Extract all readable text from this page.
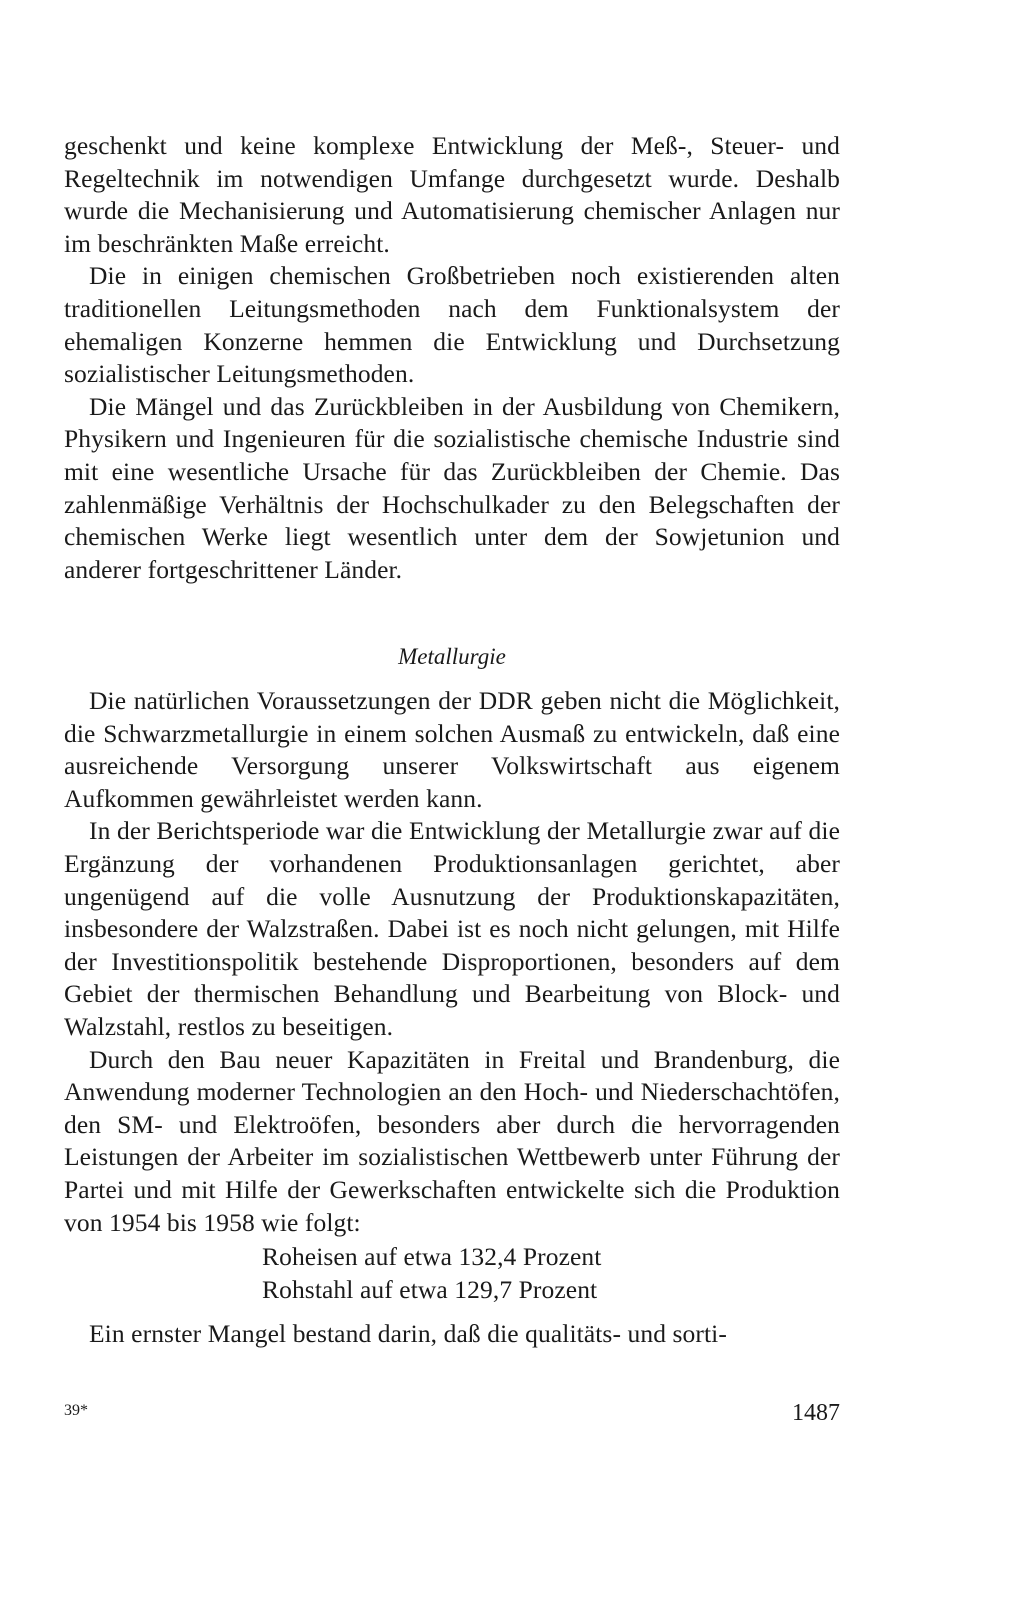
geschenkt und keine komplexe Entwicklung der Meß-, Steuer- und Regeltechnik im notwendigen Umfange durchgesetzt wurde. Deshalb wurde die Mechanisierung und Automatisierung chemischer Anlagen nur im beschränkten Maße erreicht.

Die in einigen chemischen Großbetrieben noch existierenden alten traditionellen Leitungsmethoden nach dem Funktionalsystem der ehemaligen Konzerne hemmen die Entwicklung und Durchsetzung sozialistischer Leitungsmethoden.

Die Mängel und das Zurückbleiben in der Ausbildung von Chemikern, Physikern und Ingenieuren für die sozialistische chemische Industrie sind mit eine wesentliche Ursache für das Zurückbleiben der Chemie. Das zahlenmäßige Verhältnis der Hochschulkader zu den Belegschaften der chemischen Werke liegt wesentlich unter dem der Sowjetunion und anderer fortgeschrittener Länder.

Metallurgie

Die natürlichen Voraussetzungen der DDR geben nicht die Möglichkeit, die Schwarzmetallurgie in einem solchen Ausmaß zu entwickeln, daß eine ausreichende Versorgung unserer Volkswirtschaft aus eigenem Aufkommen gewährleistet werden kann.

In der Berichtsperiode war die Entwicklung der Metallurgie zwar auf die Ergänzung der vorhandenen Produktionsanlagen gerichtet, aber ungenügend auf die volle Ausnutzung der Produktionskapazitäten, insbesondere der Walzstraßen. Dabei ist es noch nicht gelungen, mit Hilfe der Investitionspolitik bestehende Disproportionen, besonders auf dem Gebiet der thermischen Behandlung und Bearbeitung von Block- und Walzstahl, restlos zu beseitigen.

Durch den Bau neuer Kapazitäten in Freital und Brandenburg, die Anwendung moderner Technologien an den Hoch- und Niederschachtöfen, den SM- und Elektroöfen, besonders aber durch die hervorragenden Leistungen der Arbeiter im sozialistischen Wettbewerb unter Führung der Partei und mit Hilfe der Gewerkschaften entwickelte sich die Produktion von 1954 bis 1958 wie folgt:

Roheisen auf etwa 132,4 Prozent
Rohstahl auf etwa 129,7 Prozent

Ein ernster Mangel bestand darin, daß die qualitäts- und sorti-

39*	1487
